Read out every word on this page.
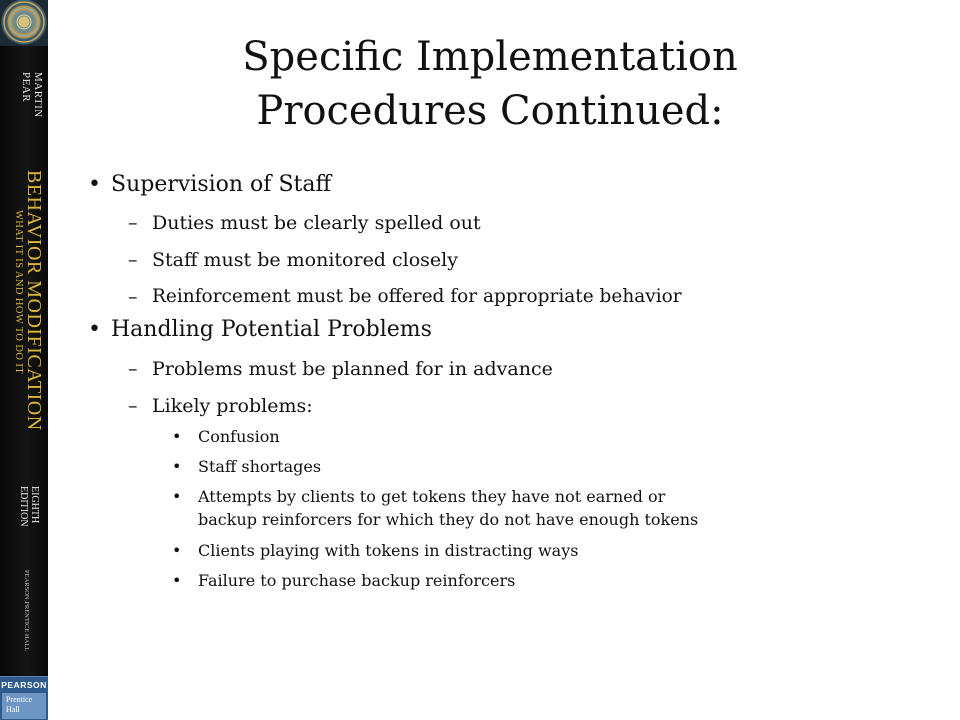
MARTIN
PEAR
BEHAVIOR MODIFICATION
WHAT IT IS AND HOW TO DO IT
EIGHTH
EDITION
PEARSON PRENTICE HALL
PEARSON
Prentice
Hall
Specific Implementation
Procedures Continued:
• Supervision of Staff
– Duties must be clearly spelled out
– Staff must be monitored closely
– Reinforcement must be offered for appropriate behavior
• Handling Potential Problems
– Problems must be planned for in advance
– Likely problems:
• Confusion
• Staff shortages
• Attempts by clients to get tokens they have not earned or
backup reinforcers for which they do not have enough tokens
• Clients playing with tokens in distracting ways
• Failure to purchase backup reinforcers
